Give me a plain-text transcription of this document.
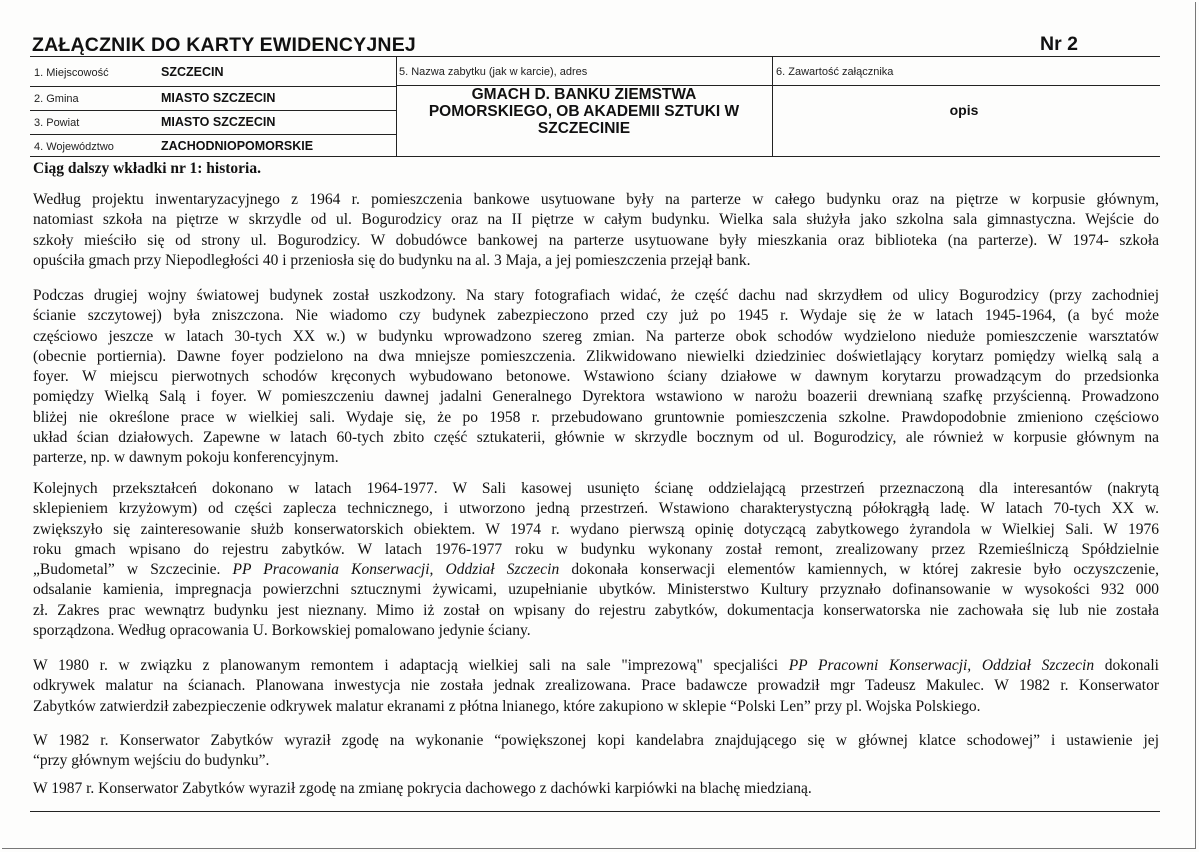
ZAŁĄCZNIK DO KARTY EWIDENCYJNEJ	Nr 2
1. Miejscowość	SZCZECIN
2. Gmina	MIASTO SZCZECIN
3. Powiat	MIASTO SZCZECIN
4. Województwo	ZACHODNIOPOMORSKIE
5. Nazwa zabytku (jak w karcie), adres
GMACH D. BANKU ZIEMSTWA
POMORSKIEGO, OB AKADEMII SZTUKI W
SZCZECINIE
6. Zawartość załącznika
opis
Ciąg dalszy wkładki nr 1: historia.
Według projektu inwentaryzacyjnego z 1964 r. pomieszczenia bankowe usytuowane były na parterze w całego budynku oraz na piętrze w korpusie głównym,
natomiast szkoła na piętrze w skrzydle od ul. Bogurodzicy oraz na II piętrze w całym budynku. Wielka sala służyła jako szkolna sala gimnastyczna. Wejście do
szkoły mieściło się od strony ul. Bogurodzicy. W dobudówce bankowej na parterze usytuowane były mieszkania oraz biblioteka (na parterze). W 1974- szkoła
opuściła gmach przy Niepodległości 40 i przeniosła się do budynku na al. 3 Maja, a jej pomieszczenia przejął bank.
Podczas drugiej wojny światowej budynek został uszkodzony. Na stary fotografiach widać, że część dachu nad skrzydłem od ulicy Bogurodzicy (przy zachodniej
ścianie szczytowej) była zniszczona. Nie wiadomo czy budynek zabezpieczono przed czy już po 1945 r. Wydaje się że w latach 1945-1964, (a być może
częściowo jeszcze w latach 30-tych XX w.) w budynku wprowadzono szereg zmian. Na parterze obok schodów wydzielono nieduże pomieszczenie warsztatów
(obecnie portiernia). Dawne foyer podzielono na dwa mniejsze pomieszczenia. Zlikwidowano niewielki dziedziniec doświetlający korytarz pomiędzy wielką salą a
foyer. W miejscu pierwotnych schodów kręconych wybudowano betonowe. Wstawiono ściany działowe w dawnym korytarzu prowadzącym do przedsionka
pomiędzy Wielką Salą i foyer. W pomieszczeniu dawnej jadalni Generalnego Dyrektora wstawiono w narożu boazerii drewnianą szafkę przyścienną. Prowadzono
bliżej nie określone prace w wielkiej sali. Wydaje się, że po 1958 r. przebudowano gruntownie pomieszczenia szkolne. Prawdopodobnie zmieniono częściowo
układ ścian działowych. Zapewne w latach 60-tych zbito część sztukaterii, głównie w skrzydle bocznym od ul. Bogurodzicy, ale również w korpusie głównym na
parterze, np. w dawnym pokoju konferencyjnym.
Kolejnych przekształceń dokonano w latach 1964-1977. W Sali kasowej usunięto ścianę oddzielającą przestrzeń przeznaczoną dla interesantów (nakrytą
sklepieniem krzyżowym) od części zaplecza technicznego, i utworzono jedną przestrzeń. Wstawiono charakterystyczną półokrągłą ladę. W latach 70-tych XX w.
zwiększyło się zainteresowanie służb konserwatorskich obiektem. W 1974 r. wydano pierwszą opinię dotyczącą zabytkowego żyrandola w Wielkiej Sali. W 1976
roku gmach wpisano do rejestru zabytków. W latach 1976-1977 roku w budynku wykonany został remont, zrealizowany przez Rzemieślniczą Spółdzielnie
„Budometal” w Szczecinie. PP Pracowania Konserwacji, Oddział Szczecin dokonała konserwacji elementów kamiennych, w której zakresie było oczyszczenie,
odsalanie kamienia, impregnacja powierzchni sztucznymi żywicami, uzupełnianie ubytków. Ministerstwo Kultury przyznało dofinansowanie w wysokości 932 000
zł. Zakres prac wewnątrz budynku jest nieznany. Mimo iż został on wpisany do rejestru zabytków, dokumentacja konserwatorska nie zachowała się lub nie została
sporządzona. Według opracowania U. Borkowskiej pomalowano jedynie ściany.
W 1980 r. w związku z planowanym remontem i adaptacją wielkiej sali na sale "imprezową" specjaliści PP Pracowni Konserwacji, Oddział Szczecin dokonali
odkrywek malatur na ścianach. Planowana inwestycja nie została jednak zrealizowana. Prace badawcze prowadził mgr Tadeusz Makulec. W 1982 r. Konserwator
Zabytków zatwierdził zabezpieczenie odkrywek malatur ekranami z płótna lnianego, które zakupiono w sklepie “Polski Len” przy pl. Wojska Polskiego.
W 1982 r. Konserwator Zabytków wyraził zgodę na wykonanie “powiększonej kopi kandelabra znajdującego się w głównej klatce schodowej” i ustawienie jej
“przy głównym wejściu do budynku”.
W 1987 r. Konserwator Zabytków wyraził zgodę na zmianę pokrycia dachowego z dachówki karpiówki na blachę miedzianą.
